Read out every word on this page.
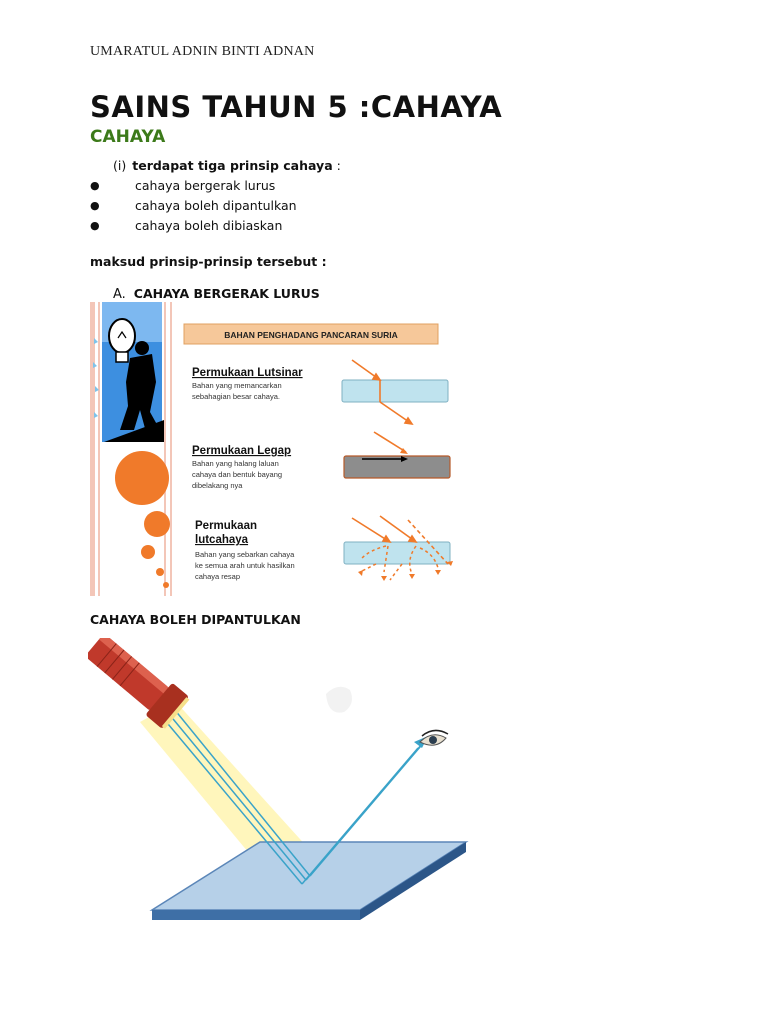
UMARATUL ADNIN BINTI ADNAN
SAINS TAHUN 5 :CAHAYA
CAHAYA
(i) terdapat tiga prinsip cahaya :
●	cahaya bergerak lurus
●	cahaya boleh dipantulkan
●	cahaya boleh dibiaskan
maksud prinsip-prinsip tersebut :
A. CAHAYA BERGERAK LURUS
BAHAN PENGHADANG PANCARAN SURIA
Permukaan Lutsinar
Bahan yang memancarkan
sebahagian besar cahaya.
Permukaan Legap
Bahan yang halang laluan
cahaya dan bentuk bayang
dibelakang nya
Permukaan
lutcahaya
Bahan yang sebarkan cahaya
ke semua arah untuk hasilkan
cahaya resap
CAHAYA BOLEH DIPANTULKAN
